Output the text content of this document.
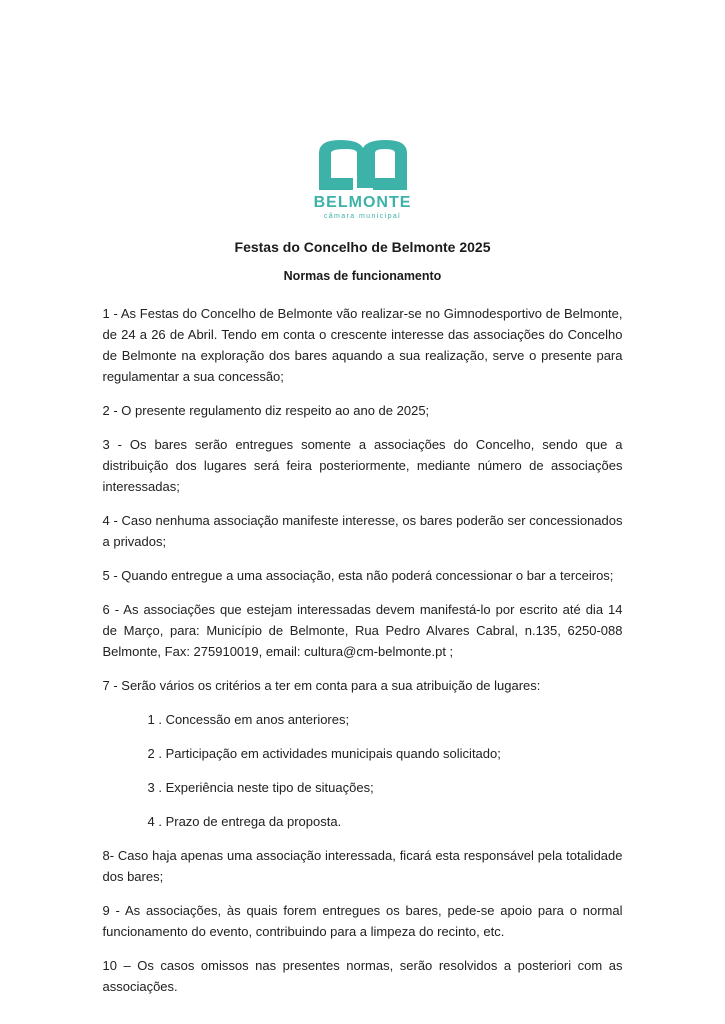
BELMONTE
câmara municipal
Festas do Concelho de Belmonte 2025
Normas de funcionamento

1 - As Festas do Concelho de Belmonte vão realizar-se no Gimnodesportivo de Belmonte, de 24 a 26 de Abril. Tendo em conta o crescente interesse das associações do Concelho de Belmonte na exploração dos bares aquando a sua realização, serve o presente para regulamentar a sua concessão;

2 - O presente regulamento diz respeito ao ano de 2025;

3 - Os bares serão entregues somente a associações do Concelho, sendo que a distribuição dos lugares será feira posteriormente, mediante número de associações interessadas;

4 - Caso nenhuma associação manifeste interesse, os bares poderão ser concessionados a privados;

5 - Quando entregue a uma associação, esta não poderá concessionar o bar a terceiros;

6 - As associações que estejam interessadas devem manifestá-lo por escrito até dia 14 de Março, para: Município de Belmonte, Rua Pedro Alvares Cabral, n.135, 6250-088 Belmonte, Fax: 275910019, email: cultura@cm-belmonte.pt ;

7 - Serão vários os critérios a ter em conta para a sua atribuição de lugares:

1 . Concessão em anos anteriores;

2 . Participação em actividades municipais quando solicitado;

3 . Experiência neste tipo de situações;

4 . Prazo de entrega da proposta.

8- Caso haja apenas uma associação interessada, ficará esta responsável pela totalidade dos bares;

9 - As associações, às quais forem entregues os bares, pede-se apoio para o normal funcionamento do evento, contribuindo para a limpeza do recinto, etc.

10 – Os casos omissos nas presentes normas, serão resolvidos a posteriori com as associações.
